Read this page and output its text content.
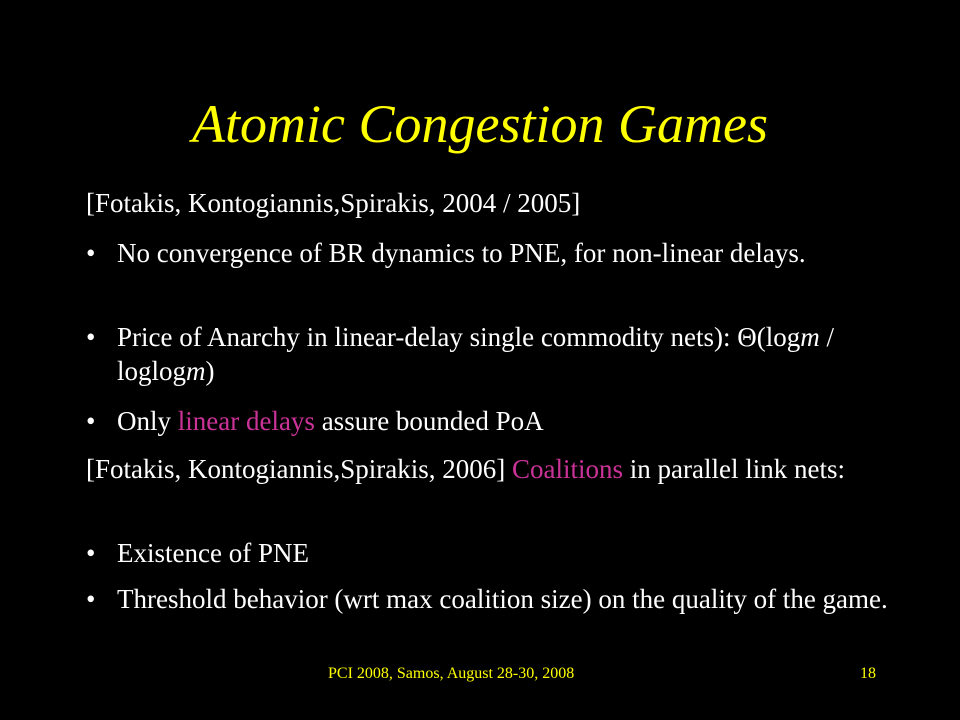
Atomic Congestion Games
[Fotakis, Kontogiannis,Spirakis, 2004 / 2005]
• No convergence of BR dynamics to PNE, for non-linear delays.
• Price of Anarchy in linear-delay single commodity nets): Θ(logm / loglogm)
• Only linear delays assure bounded PoA
[Fotakis, Kontogiannis,Spirakis, 2006] Coalitions in parallel link nets:
• Existence of PNE
• Threshold behavior (wrt max coalition size) on the quality of the game.
PCI 2008, Samos, August 28-30, 2008	18
